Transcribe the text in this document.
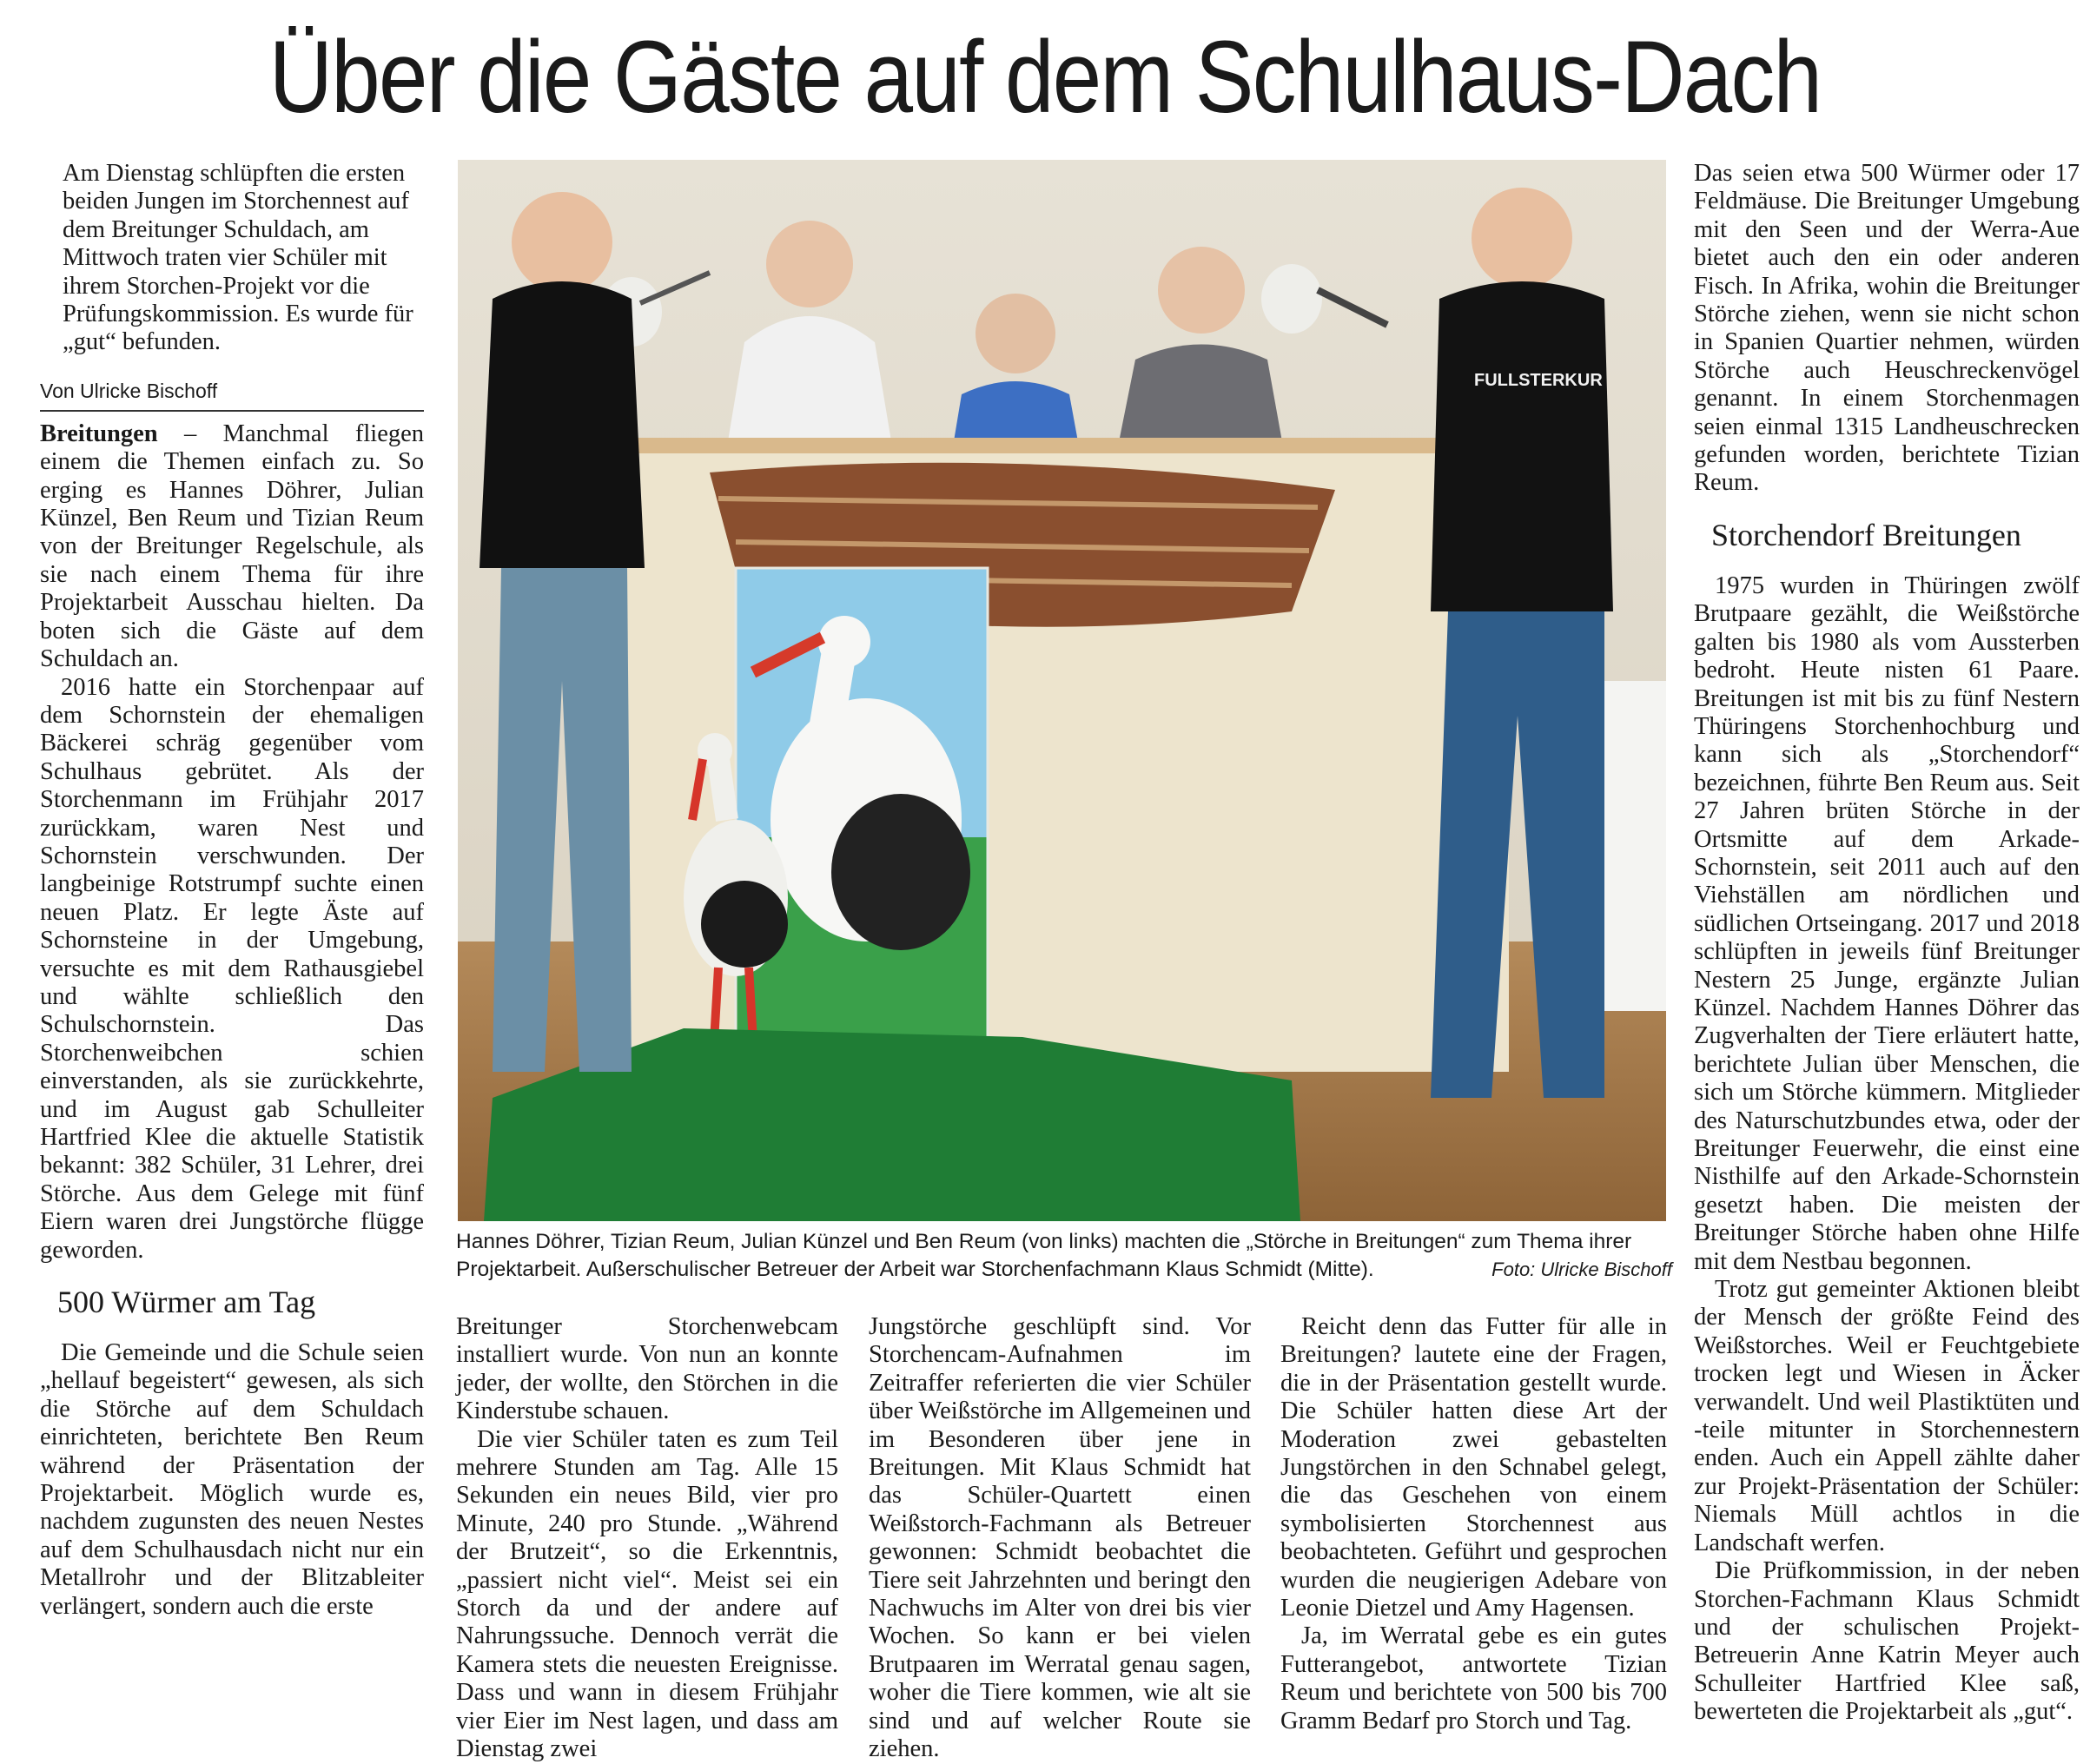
Über die Gäste auf dem Schulhaus-Dach

Am Dienstag schlüpften die ersten beiden Jungen im Storchennest auf dem Breitunger Schuldach, am Mittwoch traten vier Schüler mit ihrem Storchen-Projekt vor die Prüfungskommission. Es wurde für „gut“ befunden.

Von Ulricke Bischoff

Breitungen – Manchmal fliegen einem die Themen einfach zu. So erging es Hannes Döhrer, Julian Künzel, Ben Reum und Tizian Reum von der Breitunger Regelschule, als sie nach einem Thema für ihre Projektarbeit Ausschau hielten. Da boten sich die Gäste auf dem Schuldach an.

2016 hatte ein Storchenpaar auf dem Schornstein der ehemaligen Bäckerei schräg gegenüber vom Schulhaus gebrütet. Als der Storchenmann im Frühjahr 2017 zurückkam, waren Nest und Schornstein verschwunden. Der langbeinige Rotstrumpf suchte einen neuen Platz. Er legte Äste auf Schornsteine in der Umgebung, versuchte es mit dem Rathausgiebel und wählte schließlich den Schulschornstein. Das Storchenweibchen schien einverstanden, als sie zurückkehrte, und im August gab Schulleiter Hartfried Klee die aktuelle Statistik bekannt: 382 Schüler, 31 Lehrer, drei Störche. Aus dem Gelege mit fünf Eiern waren drei Jungstörche flügge geworden.

500 Würmer am Tag

Die Gemeinde und die Schule seien „hellauf begeistert“ gewesen, als sich die Störche auf dem Schuldach einrichteten, berichtete Ben Reum während der Präsentation der Projektarbeit. Möglich wurde es, nachdem zugunsten des neuen Nestes auf dem Schulhausdach nicht nur ein Metallrohr und der Blitzableiter verlängert, sondern auch die erste

FULLSTERKUR

Hannes Döhrer, Tizian Reum, Julian Künzel und Ben Reum (von links) machten die „Störche in Breitungen“ zum Thema ihrer Projektarbeit. Außerschulischer Betreuer der Arbeit war Storchenfachmann Klaus Schmidt (Mitte).	Foto: Ulricke Bischoff

Breitunger Storchenwebcam installiert wurde. Von nun an konnte jeder, der wollte, den Störchen in die Kinderstube schauen.

Die vier Schüler taten es zum Teil mehrere Stunden am Tag. Alle 15 Sekunden ein neues Bild, vier pro Minute, 240 pro Stunde. „Während der Brutzeit“, so die Erkenntnis, „passiert nicht viel“. Meist sei ein Storch da und der andere auf Nahrungssuche. Dennoch verrät die Kamera stets die neuesten Ereignisse. Dass und wann in diesem Frühjahr vier Eier im Nest lagen, und dass am Dienstag zwei

Jungstörche geschlüpft sind. Vor Storchencam-Aufnahmen im Zeitraffer referierten die vier Schüler über Weißstörche im Allgemeinen und im Besonderen über jene in Breitungen. Mit Klaus Schmidt hat das Schüler-Quartett einen Weißstorch-Fachmann als Betreuer gewonnen: Schmidt beobachtet die Tiere seit Jahrzehnten und beringt den Nachwuchs im Alter von drei bis vier Wochen. So kann er bei vielen Brutpaaren im Werratal genau sagen, woher die Tiere kommen, wie alt sie sind und auf welcher Route sie ziehen.

Reicht denn das Futter für alle in Breitungen? lautete eine der Fragen, die in der Präsentation gestellt wurde. Die Schüler hatten diese Art der Moderation zwei gebastelten Jungstörchen in den Schnabel gelegt, die das Geschehen von einem symbolisierten Storchennest aus beobachteten. Geführt und gesprochen wurden die neugierigen Adebare von Leonie Dietzel und Amy Hagensen.

Ja, im Werratal gebe es ein gutes Futterangebot, antwortete Tizian Reum und berichtete von 500 bis 700 Gramm Bedarf pro Storch und Tag.

Das seien etwa 500 Würmer oder 17 Feldmäuse. Die Breitunger Umgebung mit den Seen und der Werra-Aue bietet auch den ein oder anderen Fisch. In Afrika, wohin die Breitunger Störche ziehen, wenn sie nicht schon in Spanien Quartier nehmen, würden Störche auch Heuschreckenvögel genannt. In einem Storchenmagen seien einmal 1315 Landheuschrecken gefunden worden, berichtete Tizian Reum.

Storchendorf Breitungen

1975 wurden in Thüringen zwölf Brutpaare gezählt, die Weißstörche galten bis 1980 als vom Aussterben bedroht. Heute nisten 61 Paare. Breitungen ist mit bis zu fünf Nestern Thüringens Storchenhochburg und kann sich als „Storchendorf“ bezeichnen, führte Ben Reum aus. Seit 27 Jahren brüten Störche in der Ortsmitte auf dem Arkade-Schornstein, seit 2011 auch auf den Viehställen am nördlichen und südlichen Ortseingang. 2017 und 2018 schlüpften in jeweils fünf Breitunger Nestern 25 Junge, ergänzte Julian Künzel. Nachdem Hannes Döhrer das Zugverhalten der Tiere erläutert hatte, berichtete Julian über Menschen, die sich um Störche kümmern. Mitglieder des Naturschutzbundes etwa, oder der Breitunger Feuerwehr, die einst eine Nisthilfe auf den Arkade-Schornstein gesetzt haben. Die meisten der Breitunger Störche haben ohne Hilfe mit dem Nestbau begonnen.

Trotz gut gemeinter Aktionen bleibt der Mensch der größte Feind des Weißstorches. Weil er Feuchtgebiete trocken legt und Wiesen in Äcker verwandelt. Und weil Plastiktüten und -teile mitunter in Storchennestern enden. Auch ein Appell zählte daher zur Projekt-Präsentation der Schüler: Niemals Müll achtlos in die Landschaft werfen.

Die Prüfkommission, in der neben Storchen-Fachmann Klaus Schmidt und der schulischen Projekt-Betreuerin Anne Katrin Meyer auch Schulleiter Hartfried Klee saß, bewerteten die Projektarbeit als „gut“.
